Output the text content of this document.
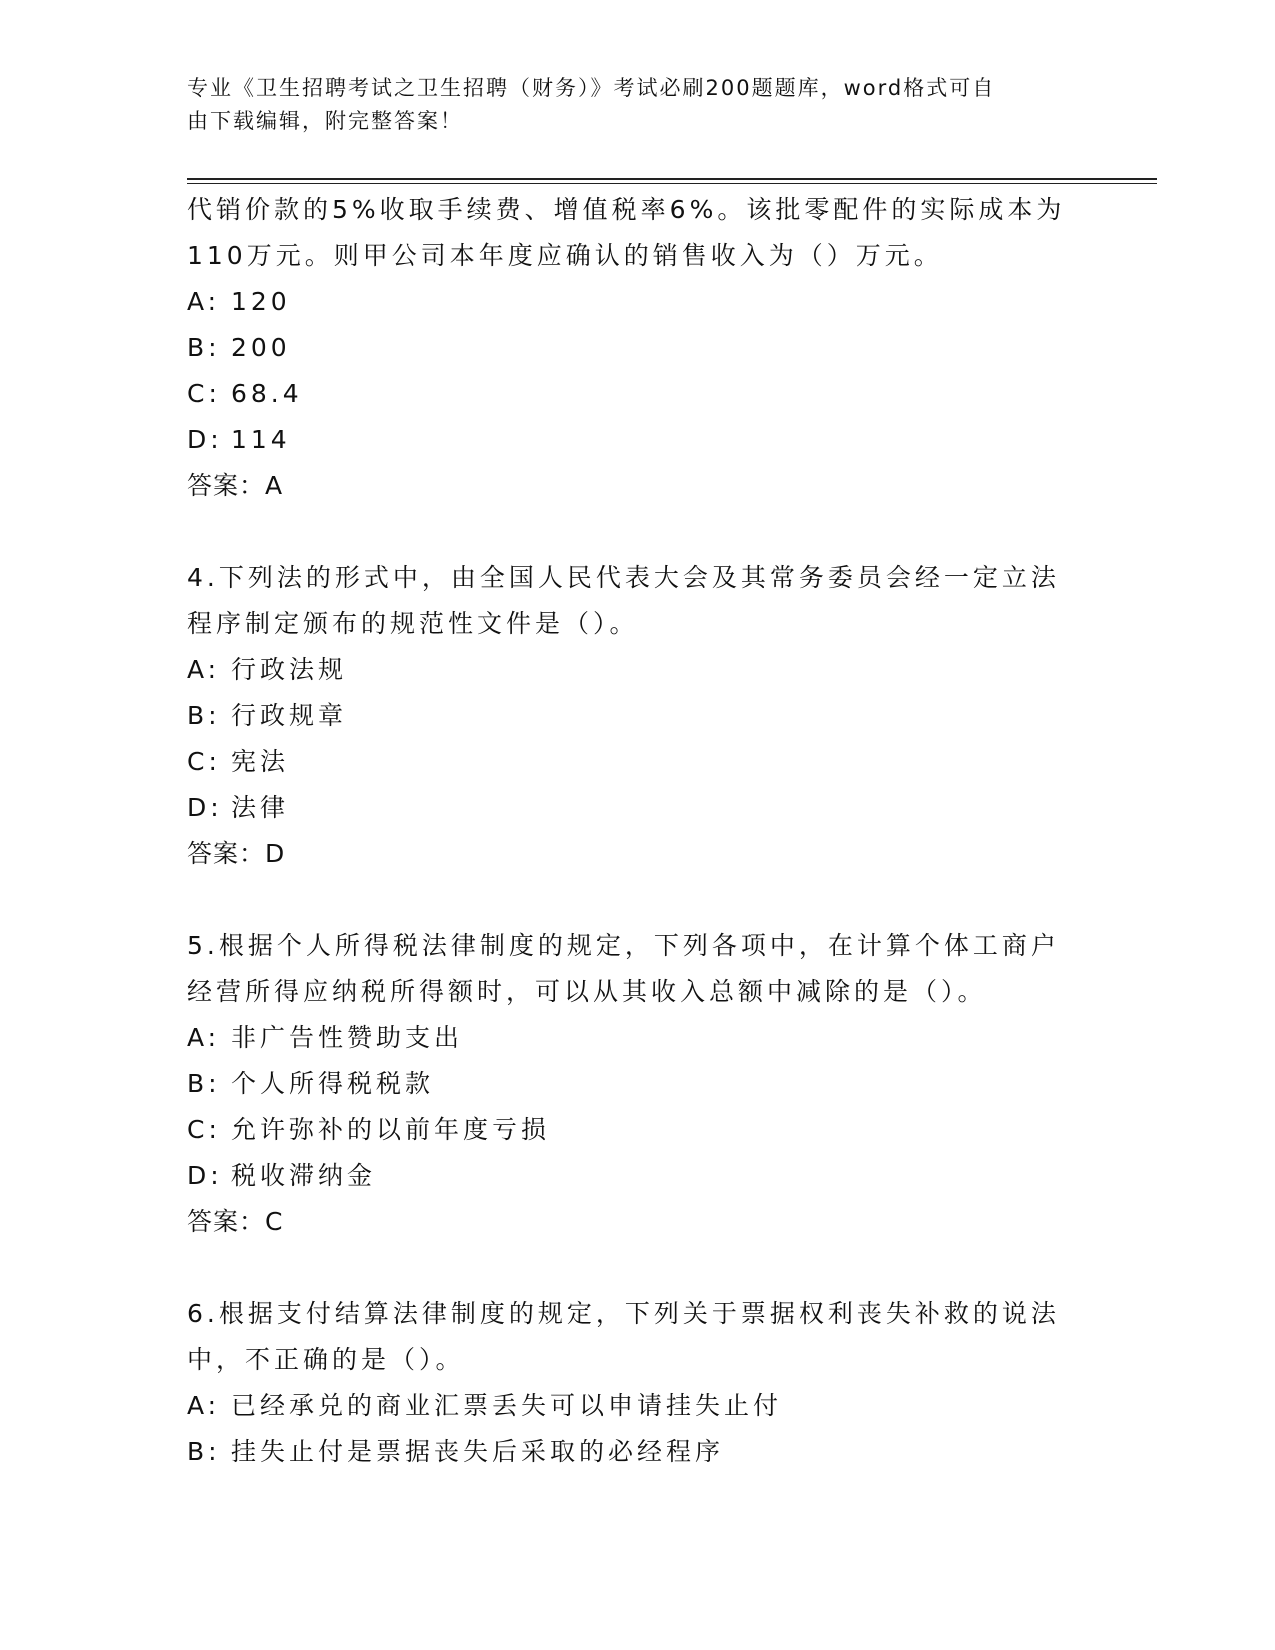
专业《卫生招聘考试之卫生招聘（财务）》考试必刷200题题库，word格式可自
由下载编辑，附完整答案！
代销价款的5%收取手续费、增值税率6%。该批零配件的实际成本为
110万元。则甲公司本年度应确认的销售收入为（）万元。
A: 120
B: 200
C: 68.4
D: 114
答案：A
4.下列法的形式中，由全国人民代表大会及其常务委员会经一定立法
程序制定颁布的规范性文件是（）。
A: 行政法规
B: 行政规章
C: 宪法
D: 法律
答案：D
5.根据个人所得税法律制度的规定，下列各项中，在计算个体工商户
经营所得应纳税所得额时，可以从其收入总额中减除的是（）。
A: 非广告性赞助支出
B: 个人所得税税款
C: 允许弥补的以前年度亏损
D: 税收滞纳金
答案：C
6.根据支付结算法律制度的规定，下列关于票据权利丧失补救的说法
中，不正确的是（）。
A: 已经承兑的商业汇票丢失可以申请挂失止付
B: 挂失止付是票据丧失后采取的必经程序
